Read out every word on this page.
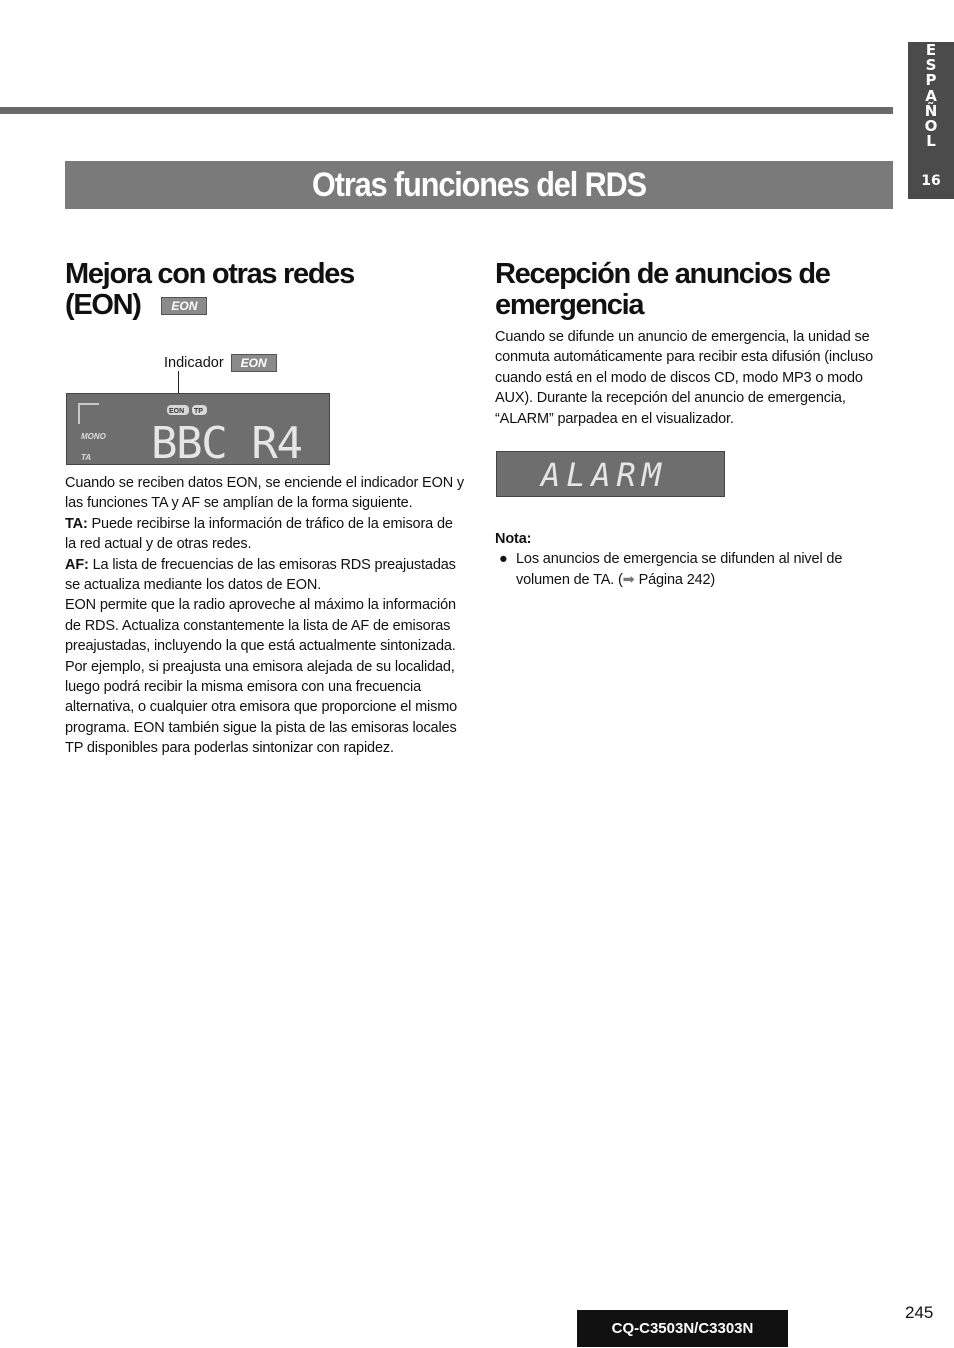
E
S
P
A
Ñ
O
L
16
Otras funciones del RDS

Mejora con otras redes

(EON)	EON

Indicador EON
MONO
TA
EON TP
BBC R4

Cuando se reciben datos EON, se enciende el indicador EON y las funciones TA y AF se amplían de la forma siguiente.

TA: Puede recibirse la información de tráfico de la emisora de la red actual y de otras redes.

AF: La lista de frecuencias de las emisoras RDS preajustadas se actualiza mediante los datos de EON.

EON permite que la radio aproveche al máximo la información de RDS. Actualiza constantemente la lista de AF de emisoras preajustadas, incluyendo la que está actualmente sintonizada. Por ejemplo, si preajusta una emisora alejada de su localidad, luego podrá recibir la misma emisora con una frecuencia alternativa, o cualquier otra emisora que proporcione el mismo programa. EON también sigue la pista de las emisoras locales TP disponibles para poderlas sintonizar con rapidez.

Recepción de anuncios de

emergencia

Cuando se difunde un anuncio de emergencia, la unidad se conmuta automáticamente para recibir esta difusión (incluso cuando está en el modo de discos CD, modo MP3 o modo AUX). Durante la recepción del anuncio de emergencia, “ALARM” parpadea en el visualizador.
ALARM

Nota:

● Los anuncios de emergencia se difunden al nivel de volumen de TA. (➡ Página 242)
CQ-C3503N/C3303N
245
